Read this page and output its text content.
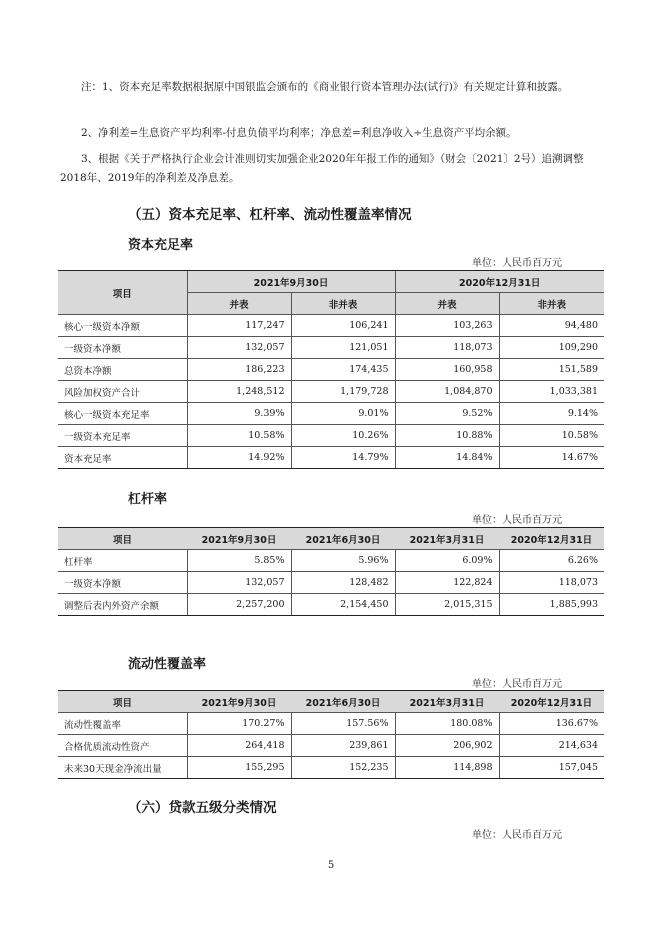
注：1、资本充足率数据根据原中国银监会颁布的《商业银行资本管理办法(试行)》有关规定计算和披露。

2、净利差=生息资产平均利率-付息负债平均利率；净息差=利息净收入÷生息资产平均余额。

3、根据《关于严格执行企业会计准则切实加强企业2020年年报工作的通知》（财会〔2021〕2号）追溯调整2018年、2019年的净利差及净息差。

（五）资本充足率、杠杆率、流动性覆盖率情况
资本充足率
单位：人民币百万元
项目	2021年9月30日		2020年12月31日	
	并表	非并表	并表	非并表
核心一级资本净额	117,247	106,241	103,263	94,480
一级资本净额	132,057	121,051	118,073	109,290
总资本净额	186,223	174,435	160,958	151,589
风险加权资产合计	1,248,512	1,179,728	1,084,870	1,033,381
核心一级资本充足率	9.39%	9.01%	9.52%	9.14%
一级资本充足率	10.58%	10.26%	10.88%	10.58%
资本充足率	14.92%	14.79%	14.84%	14.67%
杠杆率
单位：人民币百万元
项目	2021年9月30日	2021年6月30日	2021年3月31日	2020年12月31日
杠杆率	5.85%	5.96%	6.09%	6.26%
一级资本净额	132,057	128,482	122,824	118,073
调整后表内外资产余额	2,257,200	2,154,450	2,015,315	1,885,993
流动性覆盖率
单位：人民币百万元
项目	2021年9月30日	2021年6月30日	2021年3月31日	2020年12月31日
流动性覆盖率	170.27%	157.56%	180.08%	136.67%
合格优质流动性资产	264,418	239,861	206,902	214,634
未来30天现金净流出量	155,295	152,235	114,898	157,045
（六）贷款五级分类情况
单位：人民币百万元
5
